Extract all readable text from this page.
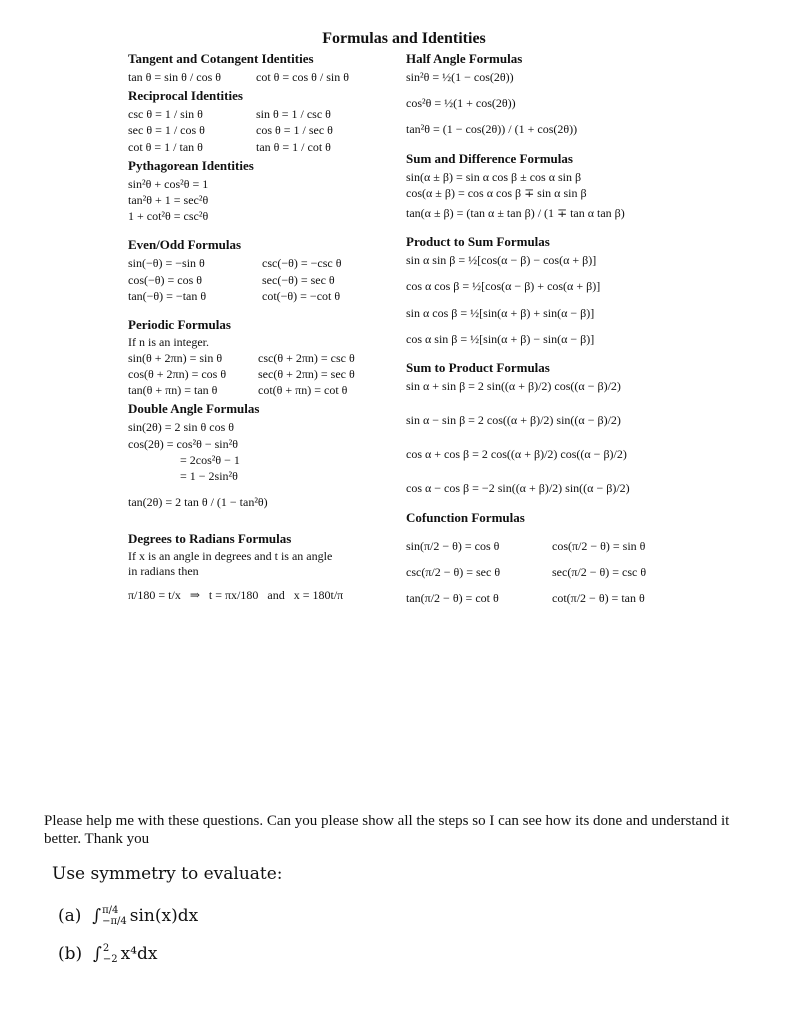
Formulas and Identities
Tangent and Cotangent Identities
tan θ = sin θ / cos θ	cot θ = cos θ / sin θ
Reciprocal Identities
csc θ = 1 / sin θ	sin θ = 1 / csc θ
sec θ = 1 / cos θ	cos θ = 1 / sec θ
cot θ = 1 / tan θ	tan θ = 1 / cot θ
Pythagorean Identities
sin²θ + cos²θ = 1
tan²θ + 1 = sec²θ
1 + cot²θ = csc²θ
Even/Odd Formulas
sin(−θ) = −sin θ	csc(−θ) = −csc θ
cos(−θ) = cos θ	sec(−θ) = sec θ
tan(−θ) = −tan θ	cot(−θ) = −cot θ
Periodic Formulas
If n is an integer.
sin(θ + 2πn) = sin θ	csc(θ + 2πn) = csc θ
cos(θ + 2πn) = cos θ	sec(θ + 2πn) = sec θ
tan(θ + πn) = tan θ	cot(θ + πn) = cot θ
Double Angle Formulas
sin(2θ) = 2 sin θ cos θ
cos(2θ) = cos²θ − sin²θ
= 2cos²θ − 1
= 1 − 2sin²θ
tan(2θ) = 2 tan θ / (1 − tan²θ)
Degrees to Radians Formulas
If x is an angle in degrees and t is an angle in radians then
π/180 = t/x ⇒ t = πx/180 and x = 180t/π
Half Angle Formulas
sin²θ = ½(1 − cos(2θ))
cos²θ = ½(1 + cos(2θ))
tan²θ = (1 − cos(2θ)) / (1 + cos(2θ))
Sum and Difference Formulas
sin(α ± β) = sin α cos β ± cos α sin β
cos(α ± β) = cos α cos β ∓ sin α sin β
tan(α ± β) = (tan α ± tan β) / (1 ∓ tan α tan β)
Product to Sum Formulas
sin α sin β = ½[cos(α − β) − cos(α + β)]
cos α cos β = ½[cos(α − β) + cos(α + β)]
sin α cos β = ½[sin(α + β) + sin(α − β)]
cos α sin β = ½[sin(α + β) − sin(α − β)]
Sum to Product Formulas
sin α + sin β = 2 sin((α + β)/2) cos((α − β)/2)
sin α − sin β = 2 cos((α + β)/2) sin((α − β)/2)
cos α + cos β = 2 cos((α + β)/2) cos((α − β)/2)
cos α − cos β = −2 sin((α + β)/2) sin((α − β)/2)
Cofunction Formulas
sin(π/2 − θ) = cos θ	cos(π/2 − θ) = sin θ
csc(π/2 − θ) = sec θ	sec(π/2 − θ) = csc θ
tan(π/2 − θ) = cot θ	cot(π/2 − θ) = tan θ
Please help me with these questions. Can you please show all the steps so I can see how its done and understand it better. Thank you
Use symmetry to evaluate:
(a)  ∫ π/4
−π/4 sin(x)dx
(b)  ∫ 2
−2 x⁴dx
